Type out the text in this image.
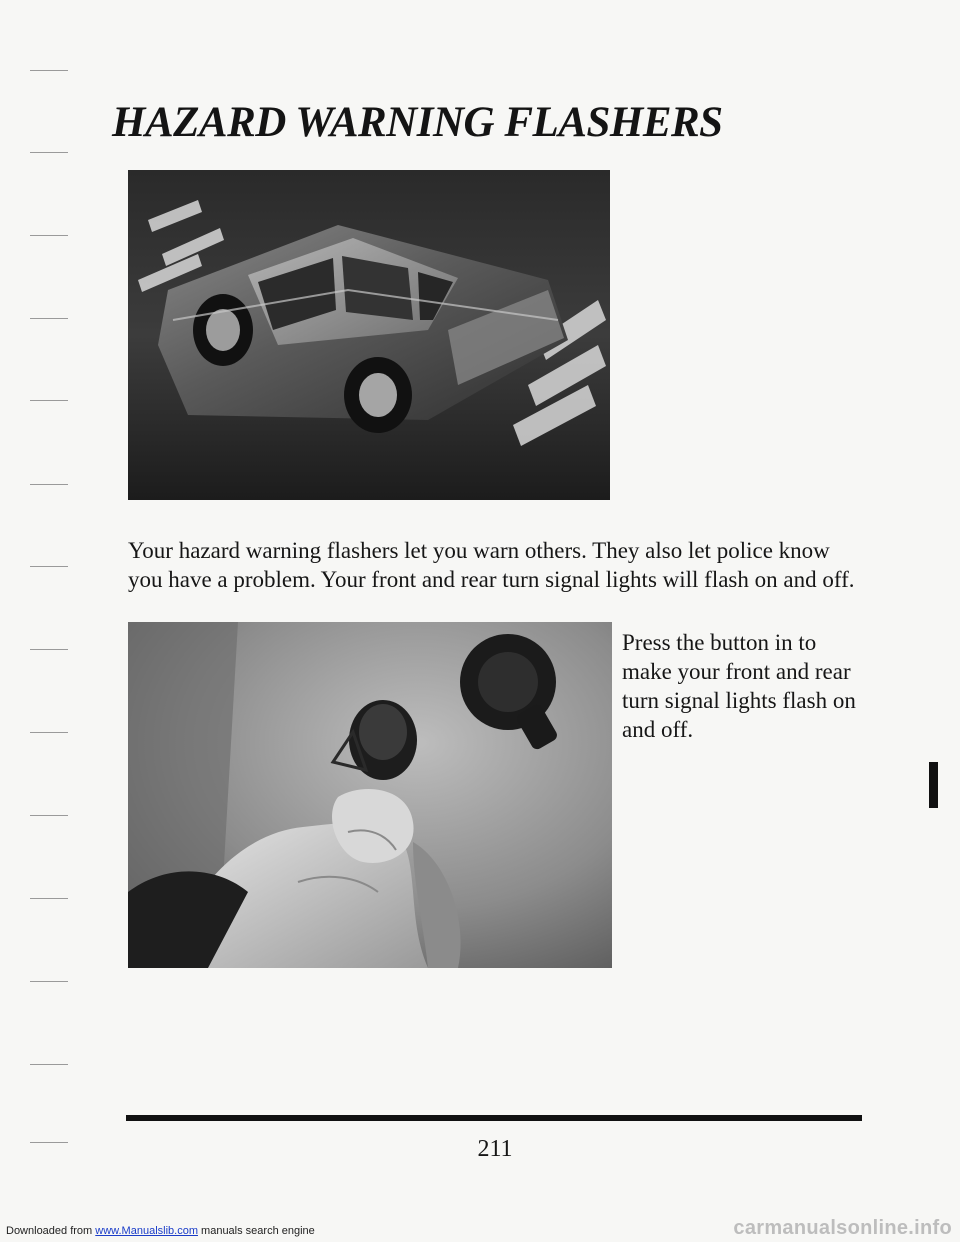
HAZARD WARNING FLASHERS

Your hazard warning flashers let you warn others. They also let police know you have a problem. Your front and rear turn signal lights will flash on and off.

Press the button in to make your front and rear turn signal lights flash on and off.

211

Downloaded from www.Manualslib.com manuals search engine	carmanualsonline.info
